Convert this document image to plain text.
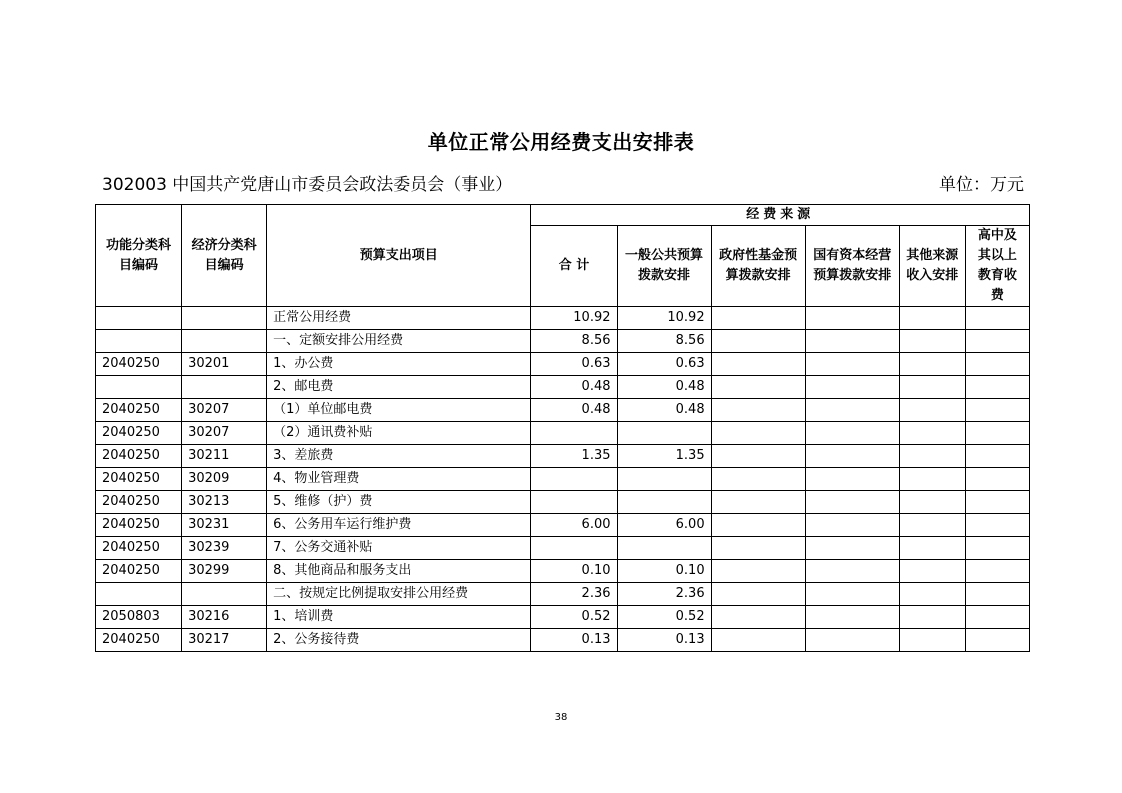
单位正常公用经费支出安排表
302003 中国共产党唐山市委员会政法委员会（事业）	单位：万元
功能分类科目编码	经济分类科目编码	预算支出项目	经费来源					
			合 计	一般公共预算拨款安排	政府性基金预算拨款安排	国有资本经营预算拨款安排	其他来源收入安排	高中及其以上教育收费
		正常公用经费	10.92	10.92				
		一、定额安排公用经费	8.56	8.56				
2040250	30201	1、办公费	0.63	0.63				
		2、邮电费	0.48	0.48				
2040250	30207	（1）单位邮电费	0.48	0.48				
2040250	30207	（2）通讯费补贴						
2040250	30211	3、差旅费	1.35	1.35				
2040250	30209	4、物业管理费						
2040250	30213	5、维修（护）费						
2040250	30231	6、公务用车运行维护费	6.00	6.00				
2040250	30239	7、公务交通补贴						
2040250	30299	8、其他商品和服务支出	0.10	0.10				
		二、按规定比例提取安排公用经费	2.36	2.36				
2050803	30216	1、培训费	0.52	0.52				
2040250	30217	2、公务接待费	0.13	0.13				
38
